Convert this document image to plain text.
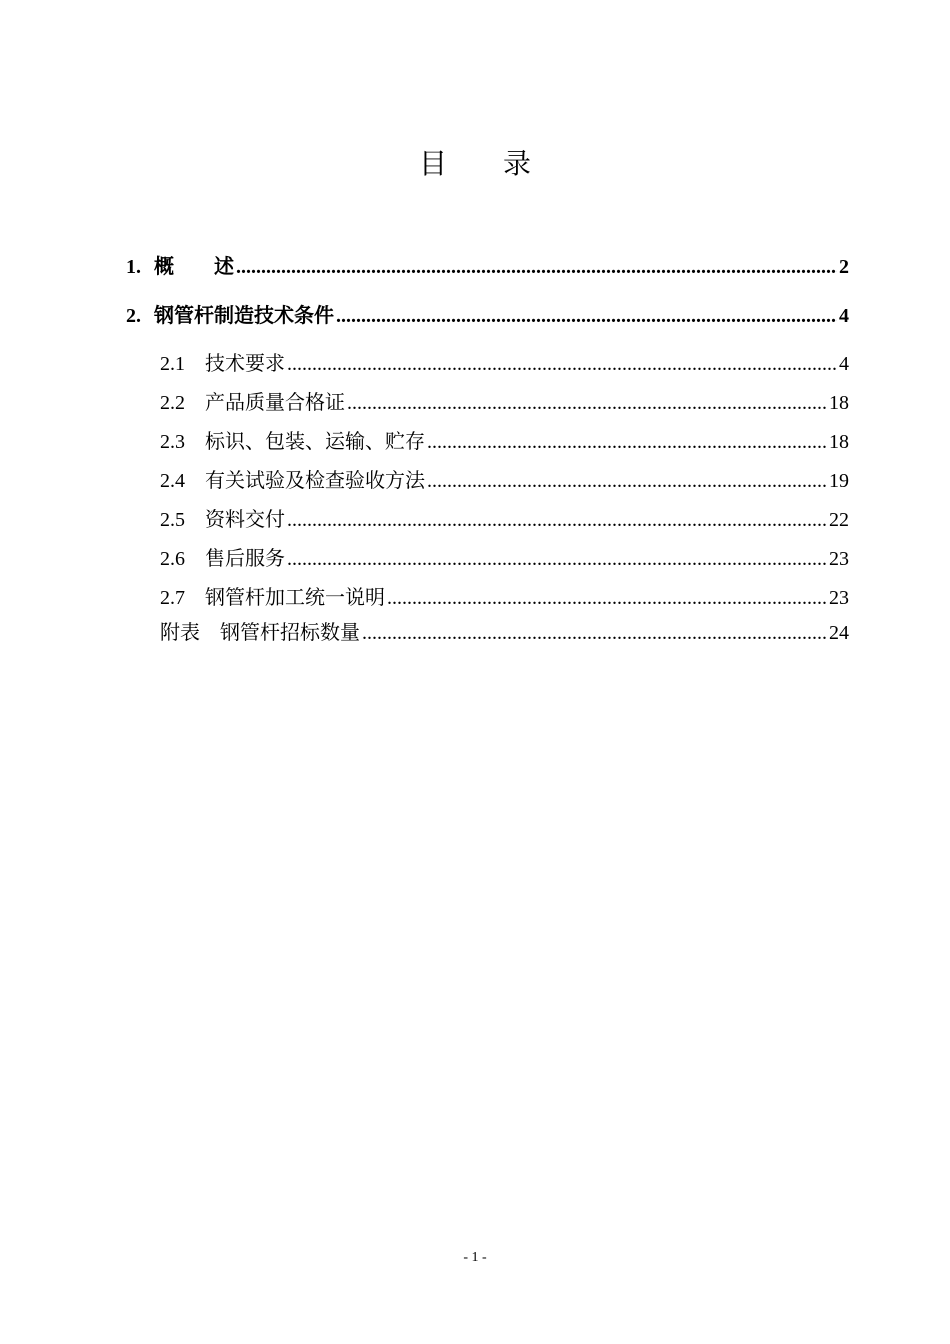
目　　录
1. 概　　述 .....	2
2. 钢管杆制造技术条件 .....	4
2.1	技术要求 .....	4
2.2	产品质量合格证 .....	18
2.3	标识、包装、运输、贮存 .....	18
2.4	有关试验及检查验收方法 .....	19
2.5	资料交付 .....	22
2.6	售后服务 .....	23
2.7	钢管杆加工统一说明 .....	23
附表　钢管杆招标数量 .....	24
- 1 -
